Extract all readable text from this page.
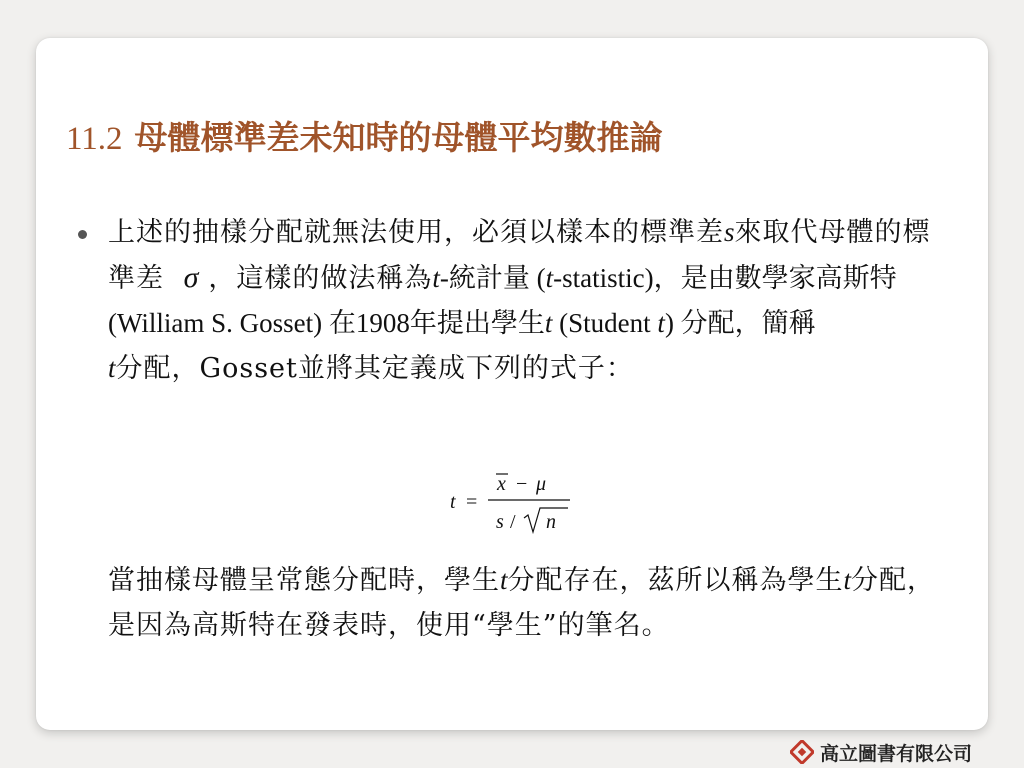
11.2 母體標準差未知時的母體平均數推論
上述的抽樣分配就無法使用，必須以樣本的標準差s來取代母體的標準差 σ ，這樣的做法稱為t-統計量 (t-statistic)，是由數學家高斯特 (William S. Gosset) 在1908年提出學生t (Student t) 分配，簡稱
t分配，Gosset並將其定義成下列的式子：
t =
x − μ
s / n
當抽樣母體呈常態分配時，學生t分配存在，茲所以稱為學生t分配，是因為高斯特在發表時，使用“學生”的筆名。
高立圖書有限公司
